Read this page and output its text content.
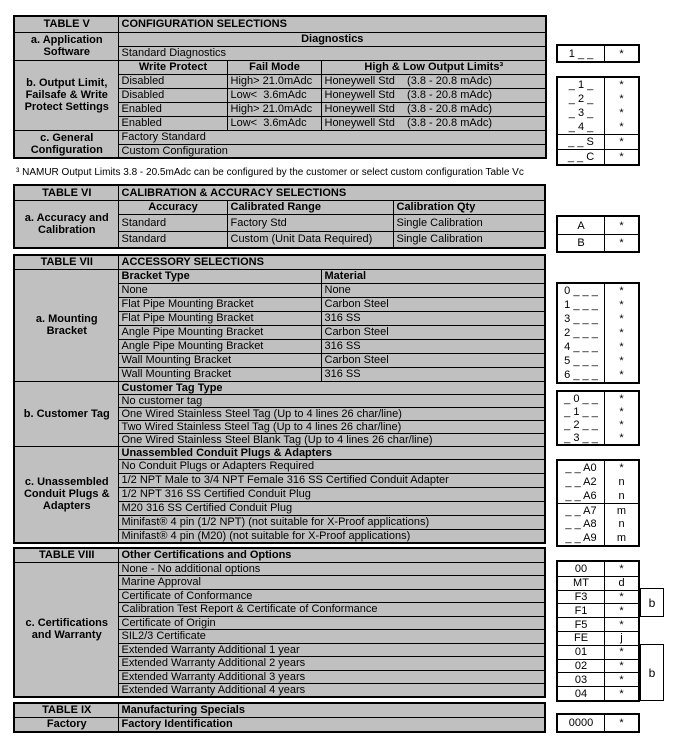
TABLE V	CONFIGURATION SELECTIONS		
a. Application Software	Diagnostics		
	Standard Diagnostics		
b. Output Limit, Failsafe & Write Protect Settings	Write Protect	Fail Mode	High & Low Output Limits³
	Disabled	High> 21.0mAdc	Honeywell Std    (3.8 - 20.8 mAdc)
	Disabled	Low<  3.6mAdc	Honeywell Std    (3.8 - 20.8 mAdc)
	Enabled	High> 21.0mAdc	Honeywell Std    (3.8 - 20.8 mAdc)
	Enabled	Low<  3.6mAdc	Honeywell Std    (3.8 - 20.8 mAdc)
c. General Configuration	Factory Standard		
	Custom Configuration		
³ NAMUR Output Limits 3.8 - 20.5mAdc can be configured by the customer or select custom configuration Table Vc
TABLE VI	CALIBRATION & ACCURACY SELECTIONS		
a. Accuracy and Calibration	Accuracy	Calibrated Range	Calibration Qty
	Standard	Factory Std	Single Calibration
	Standard	Custom (Unit Data Required)	Single Calibration
TABLE VII	ACCESSORY SELECTIONS	
a. Mounting Bracket	Bracket Type	Material
	None	None
	Flat Pipe Mounting Bracket	Carbon Steel
	Flat Pipe Mounting Bracket	316 SS
	Angle Pipe Mounting Bracket	Carbon Steel
	Angle Pipe Mounting Bracket	316 SS
	Wall Mounting Bracket	Carbon Steel
	Wall Mounting Bracket	316 SS
b. Customer Tag	Customer Tag Type	
	No customer tag	
	One Wired Stainless Steel Tag (Up to 4 lines 26 char/line)	
	Two Wired Stainless Steel Tag (Up to 4 lines 26 char/line)	
	One Wired Stainless Steel Blank Tag (Up to 4 lines 26 char/line)	
c. Unassembled Conduit Plugs & Adapters	Unassembled Conduit Plugs & Adapters	
	No Conduit Plugs or Adapters Required	
	1/2 NPT Male to 3/4 NPT Female 316 SS Certified Conduit Adapter	
	1/2 NPT 316 SS Certified Conduit Plug	
	M20 316 SS Certified Conduit Plug	
	Minifast® 4 pin (1/2 NPT) (not suitable for X-Proof applications)	
	Minifast® 4 pin (M20) (not suitable for X-Proof applications)	
TABLE VIII	Other Certifications and Options
c. Certifications and Warranty	None - No additional options
	Marine Approval
	Certificate of Conformance
	Calibration Test Report & Certificate of Conformance
	Certificate of Origin
	SIL2/3 Certificate
	Extended Warranty Additional 1 year
	Extended Warranty Additional 2 years
	Extended Warranty Additional 3 years
	Extended Warranty Additional 4 years
TABLE IX	Manufacturing Specials
Factory	Factory Identification
1 _ _	*
_ 1 _	*
_ 2 _	*
_ 3 _	*
_ 4 _	*
_ _ S	*
_ _ C	*
A	*
B	*
0 _ _ _	*
1 _ _ _	*
3 _ _ _	*
2 _ _ _	*
4 _ _ _	*
5 _ _ _	*
6 _ _ _	*
_ 0 _ _	*
_ 1 _ _	*
_ 2 _ _	*
_ 3 _ _	*
_ _ A0	*
_ _ A2	n
_ _ A6	n
_ _ A7	m
_ _ A8	n
_ _ A9	m
00	*
MT	d
F3	*
F1	*
F5	*
FE	j
01	*
02	*
03	*
04	*
b
b
0000	*
